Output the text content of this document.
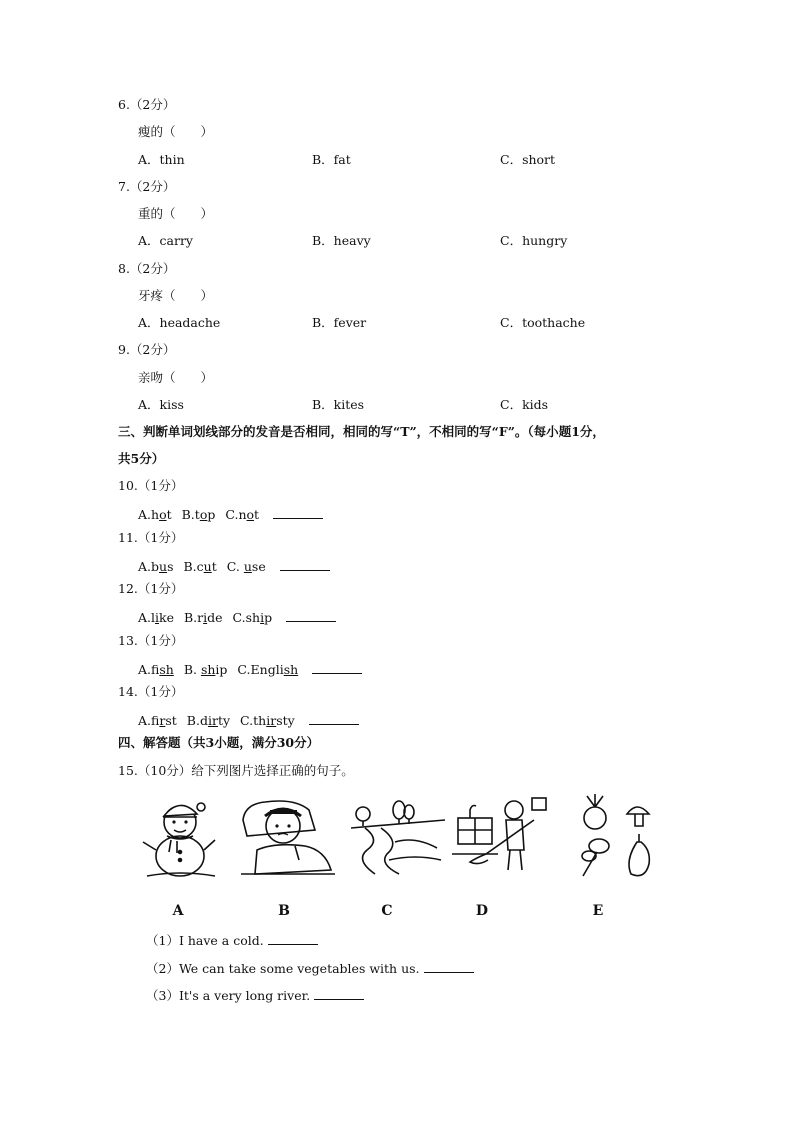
6.（2分）
瘦的（　　）
A．thin	B．fat	C．short
7.（2分）
重的（　　）
A．carry	B．heavy	C．hungry
8.（2分）
牙疼（　　）
A．headache	B．fever	C．toothache
9.（2分）
亲吻（　　）
A．kiss	B．kites	C．kids
三、判断单词划线部分的发音是否相同，相同的写“T”，不相同的写“F”。（每小题1分，
共5分）
10.（1分）
A.hot B.top C.not
11.（1分）
A.bus B.cut C. use
12.（1分）
A.like B.ride C.ship
13.（1分）
A.fish B. ship C.English
14.（1分）
A.first B.dirty C.thirsty
四、解答题（共3小题，满分30分）
15.（10分）给下列图片选择正确的句子。
A	B	C	D	E
（1）I have a cold.
（2）We can take some vegetables with us.
（3）It's a very long river.
